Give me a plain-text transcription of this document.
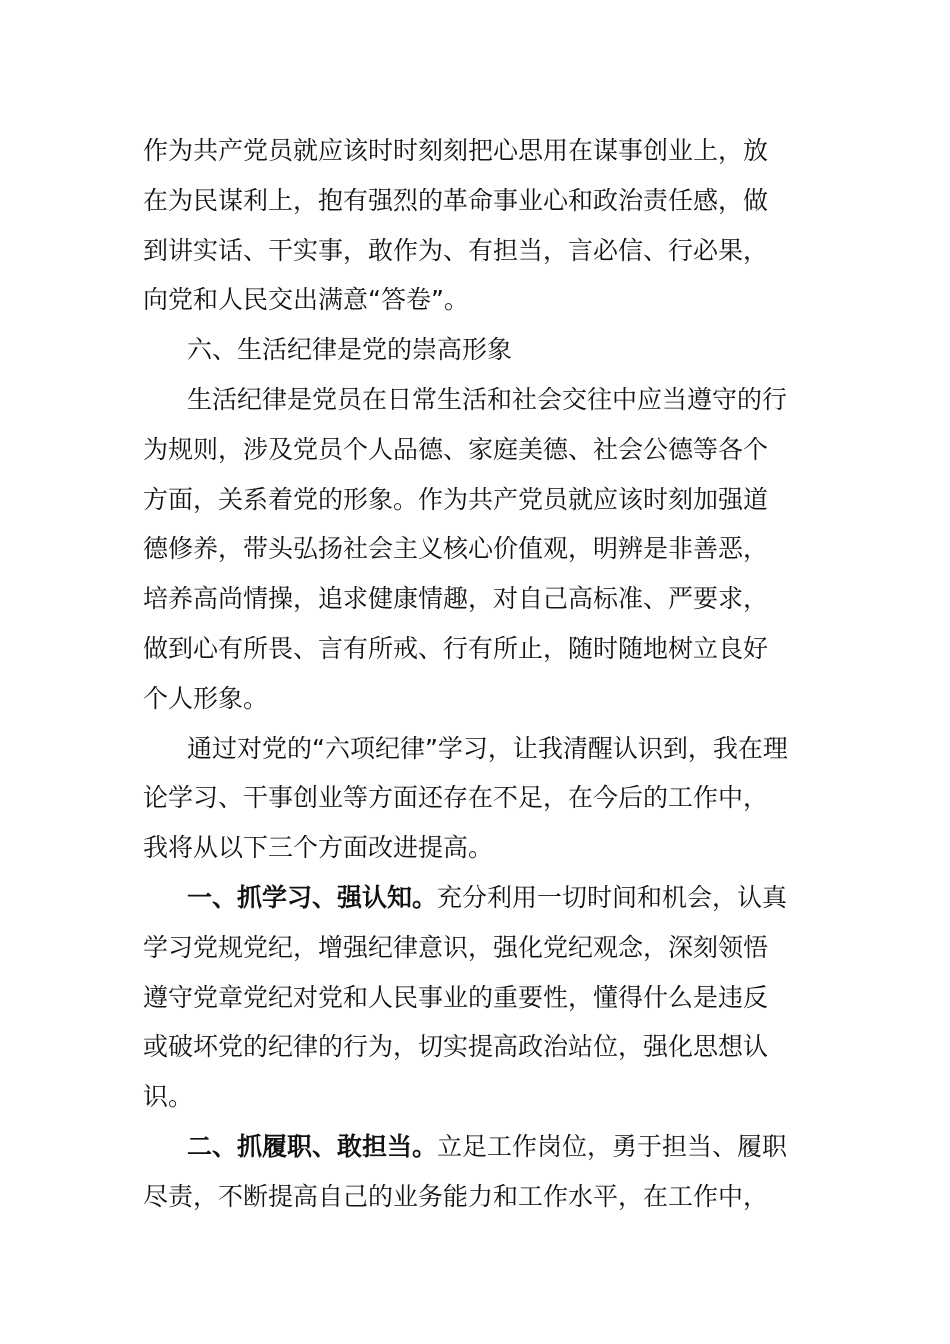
作为共产党员就应该时时刻刻把心思用在谋事创业上，放
在为民谋利上，抱有强烈的革命事业心和政治责任感，做
到讲实话、干实事，敢作为、有担当，言必信、行必果，
向党和人民交出满意“答卷”。
六、生活纪律是党的崇高形象
生活纪律是党员在日常生活和社会交往中应当遵守的行
为规则，涉及党员个人品德、家庭美德、社会公德等各个
方面，关系着党的形象。作为共产党员就应该时刻加强道
德修养，带头弘扬社会主义核心价值观，明辨是非善恶，
培养高尚情操，追求健康情趣，对自己高标准、严要求，
做到心有所畏、言有所戒、行有所止，随时随地树立良好
个人形象。
通过对党的“六项纪律”学习，让我清醒认识到，我在理
论学习、干事创业等方面还存在不足，在今后的工作中，
我将从以下三个方面改进提高。
一、抓学习、强认知。充分利用一切时间和机会，认真
学习党规党纪，增强纪律意识，强化党纪观念，深刻领悟
遵守党章党纪对党和人民事业的重要性，懂得什么是违反
或破坏党的纪律的行为，切实提高政治站位，强化思想认
识。
二、抓履职、敢担当。立足工作岗位，勇于担当、履职
尽责，不断提高自己的业务能力和工作水平，在工作中，
